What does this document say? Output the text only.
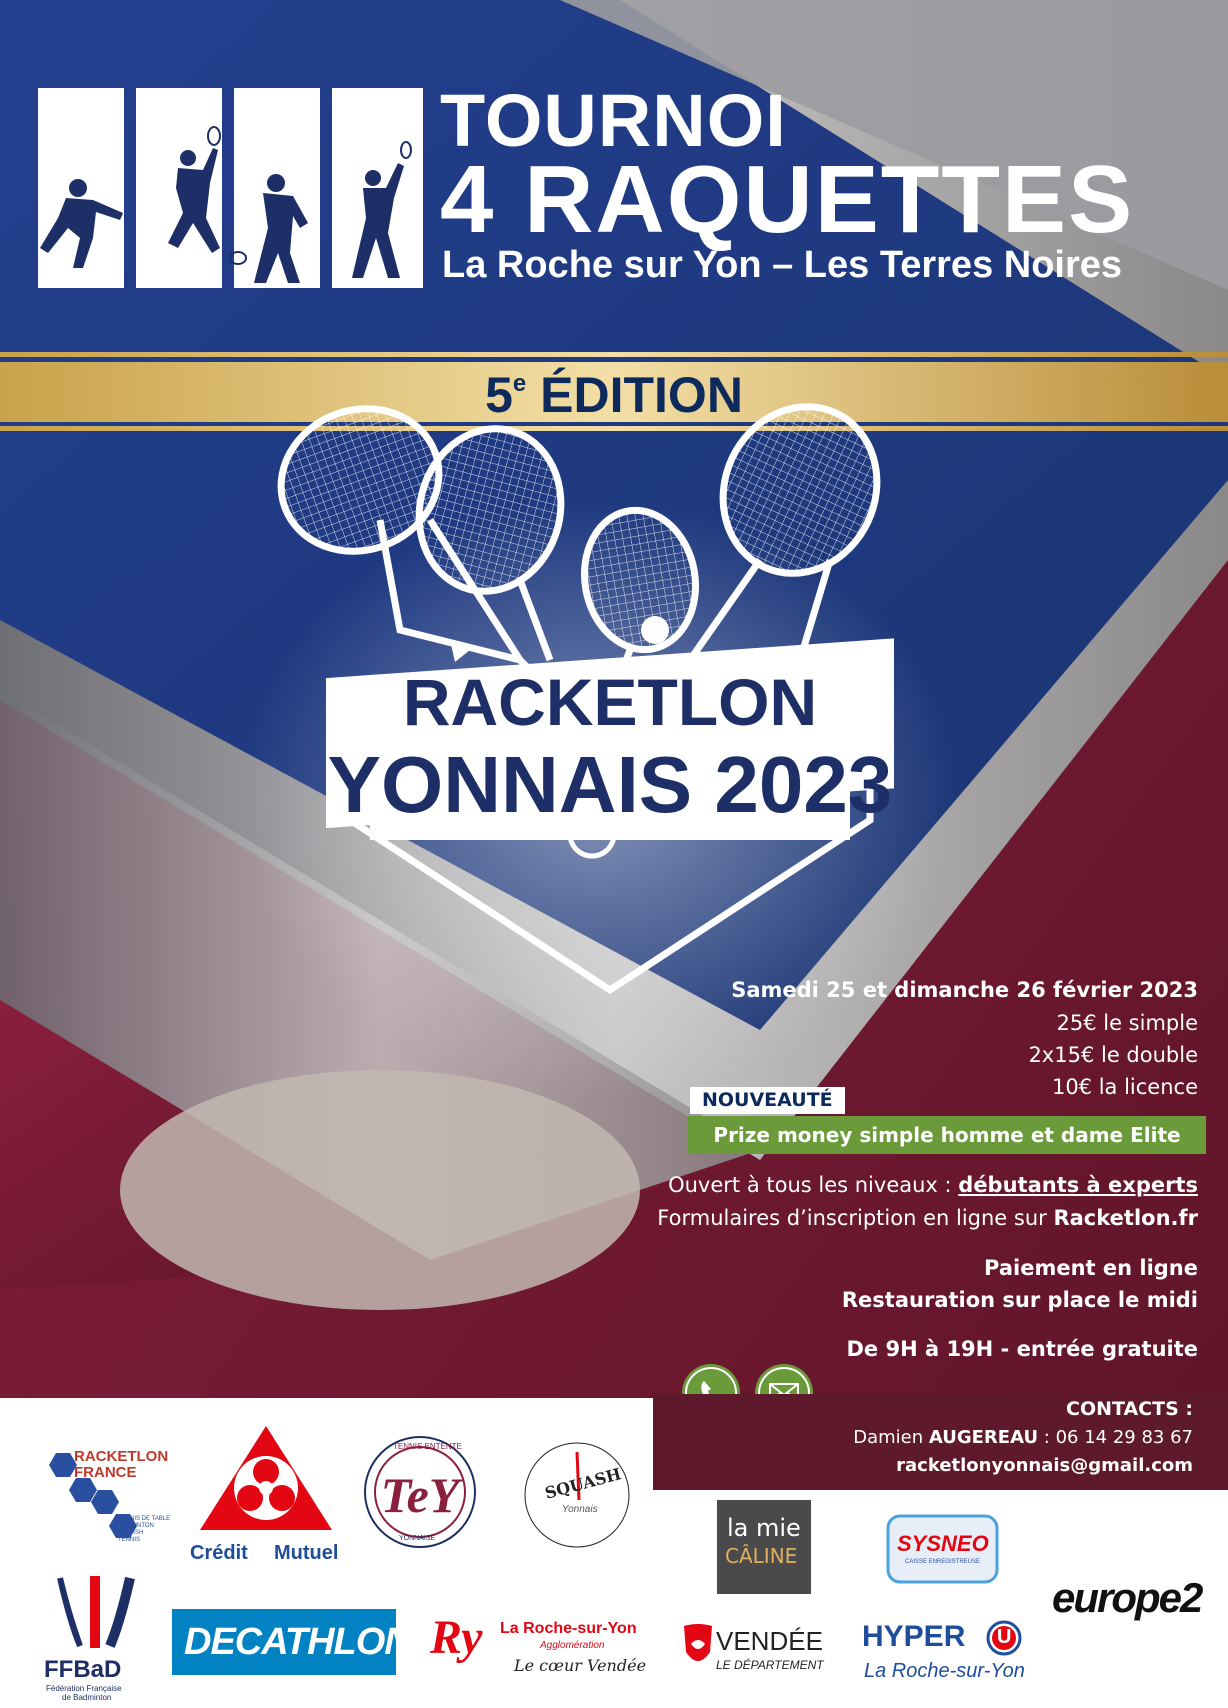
TOURNOI
4 RAQUETTES
La Roche sur Yon – Les Terres Noires
5e ÉDITION
RACKETLON
YONNAIS 2023
Samedi 25 et dimanche 26 février 2023
25€ le simple
2x15€ le double
10€ la licence
NOUVEAUTÉ
Prize money simple homme et dame Elite
Ouvert à tous les niveaux : débutants à experts
Formulaires d’inscription en ligne sur Racketlon.fr
Paiement en ligne
Restauration sur place le midi
De 9H à 19H - entrée gratuite
CONTACTS :
Damien AUGEREAU : 06 14 29 83 67
racketlonyonnais@gmail.com
RACKETLON
FRANCE
TENNIS DE TABLE
BADMINTON
SQUASH
TENNIS
Crédit Mutuel
TeY
TENNIS ENTENTE
YONNAISE
SQUASH
Yonnais
la mie
CÂLINE	SYSNEO
CAISSE ENREGISTREUSE
europe2
FFBaD
Fédération Française
de Badminton
DECATHLON Ry La Roche-sur-Yon
Agglomération
Le cœur Vendée
VENDÉE
LE DÉPARTEMENT
HYPER U
La Roche-sur-Yon
